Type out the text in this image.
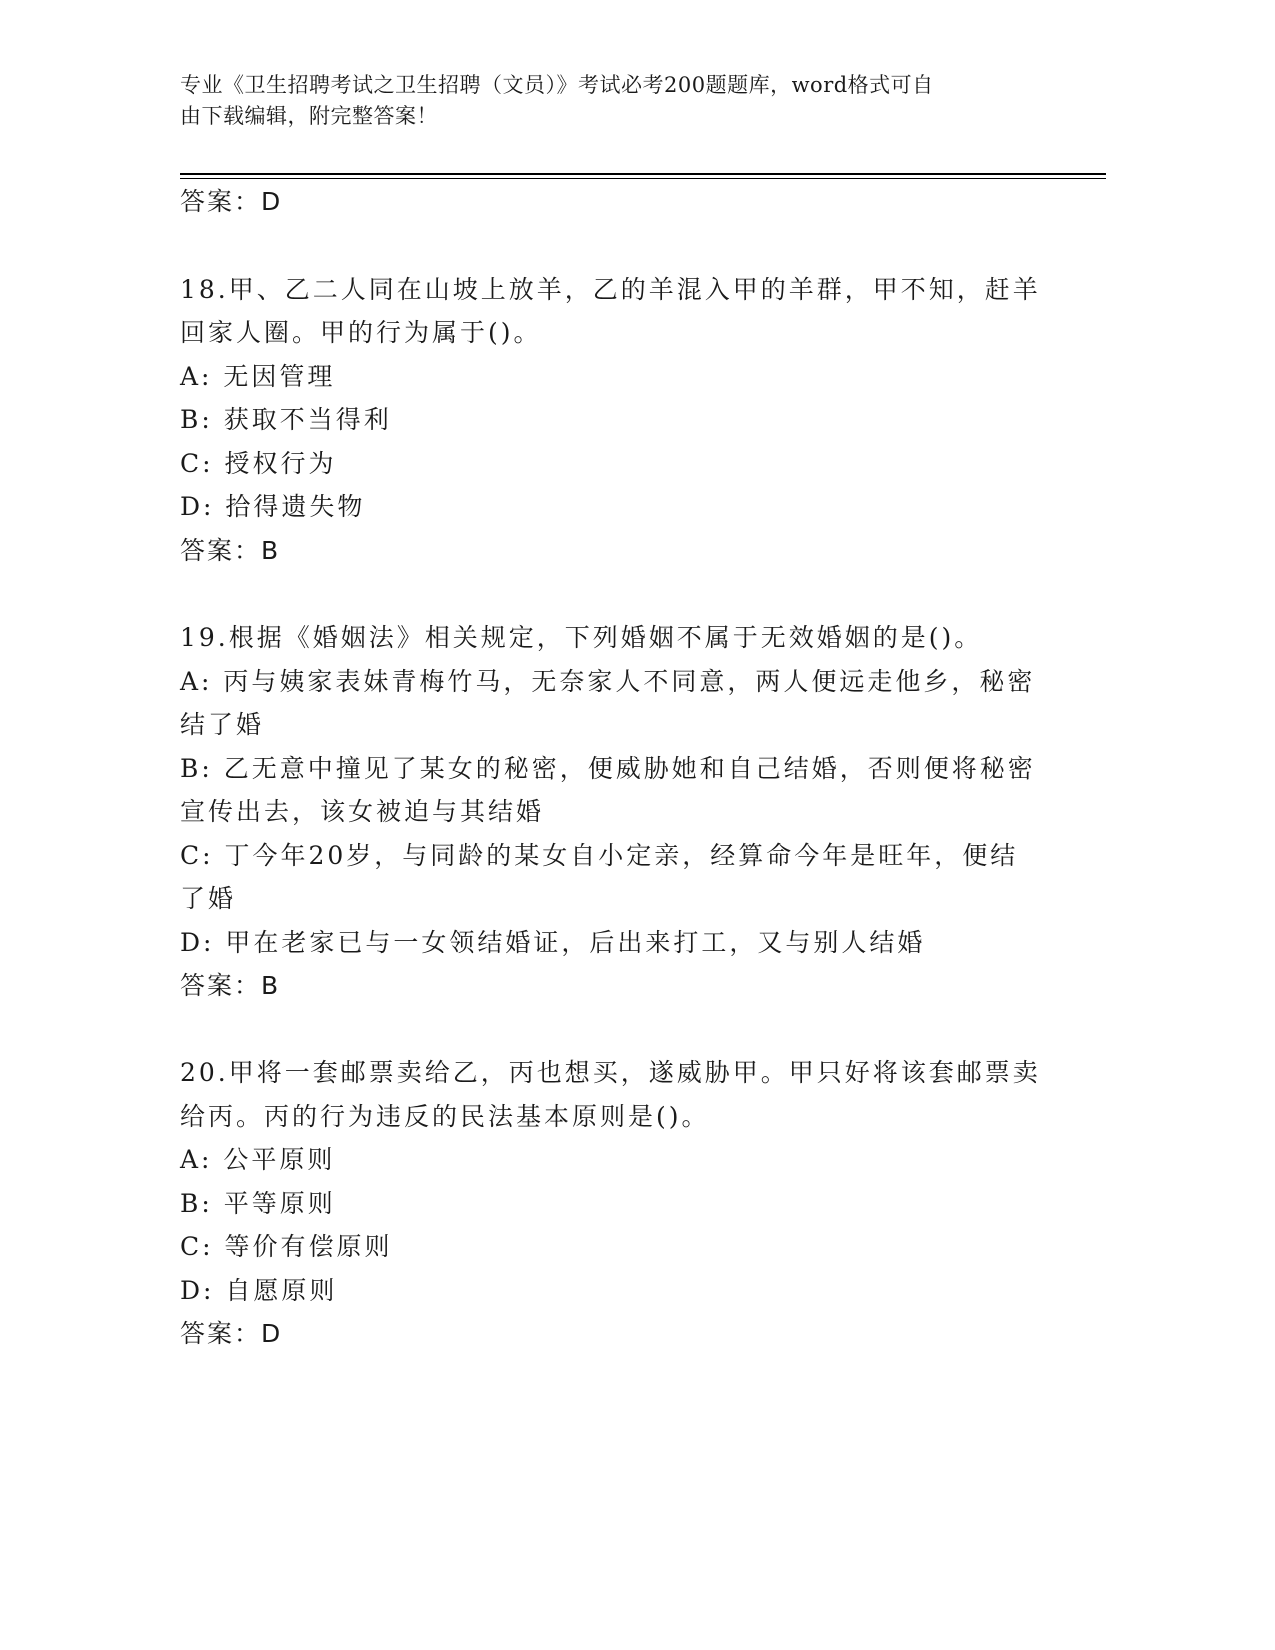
专业《卫生招聘考试之卫生招聘（文员）》考试必考200题题库，word格式可自
由下载编辑，附完整答案！
答案：D
18.甲、乙二人同在山坡上放羊，乙的羊混入甲的羊群，甲不知，赶羊
回家人圈。甲的行为属于()。
A: 无因管理
B: 获取不当得利
C: 授权行为
D: 拾得遗失物
答案：B
19.根据《婚姻法》相关规定，下列婚姻不属于无效婚姻的是()。
A: 丙与姨家表妹青梅竹马，无奈家人不同意，两人便远走他乡，秘密
结了婚
B: 乙无意中撞见了某女的秘密，便威胁她和自己结婚，否则便将秘密
宣传出去，该女被迫与其结婚
C: 丁今年20岁，与同龄的某女自小定亲，经算命今年是旺年，便结
了婚
D: 甲在老家已与一女领结婚证，后出来打工，又与别人结婚
答案：B
20.甲将一套邮票卖给乙，丙也想买，遂威胁甲。甲只好将该套邮票卖
给丙。丙的行为违反的民法基本原则是()。
A: 公平原则
B: 平等原则
C: 等价有偿原则
D: 自愿原则
答案：D
